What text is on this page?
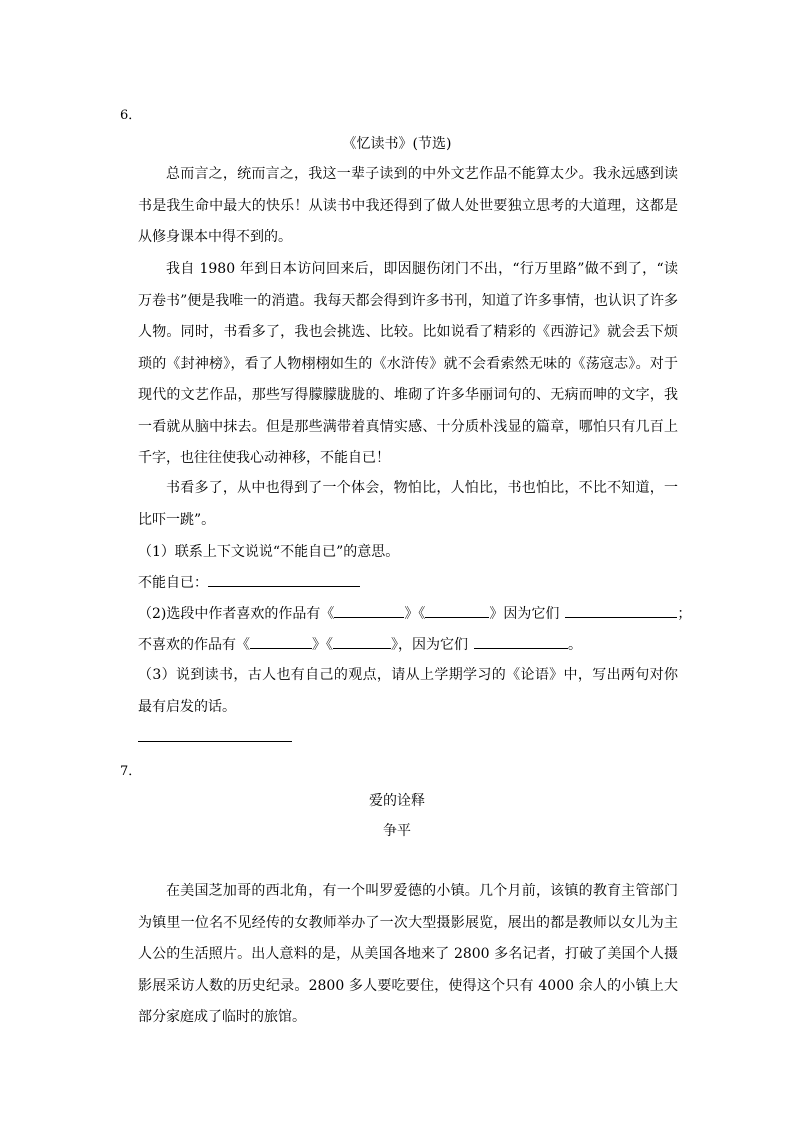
6．
《忆读书》(节选)

总而言之，统而言之，我这一辈子读到的中外文艺作品不能算太少。我永远感到读书是我生命中最大的快乐！从读书中我还得到了做人处世要独立思考的大道理，这都是从修身课本中得不到的。

我自 1980 年到日本访问回来后，即因腿伤闭门不出，“行万里路”做不到了，“读万卷书”便是我唯一的消遣。我每天都会得到许多书刊，知道了许多事情，也认识了许多人物。同时，书看多了，我也会挑选、比较。比如说看了精彩的《西游记》就会丢下烦琐的《封神榜》，看了人物栩栩如生的《水浒传》就不会看索然无味的《荡寇志》。对于现代的文艺作品，那些写得朦朦胧胧的、堆砌了许多华丽词句的、无病而呻的文字，我一看就从脑中抹去。但是那些满带着真情实感、十分质朴浅显的篇章，哪怕只有几百上千字，也往往使我心动神移，不能自已！

书看多了，从中也得到了一个体会，物怕比，人怕比，书也怕比，不比不知道，一比吓一跳”。

（1）联系上下文说说“不能自已”的意思。
不能自已：
（2)选段中作者喜欢的作品有《	》《	》因为它们	；
不喜欢的作品有《	》《	》，因为它们	。

（3）说到读书，古人也有自己的观点，请从上学期学习的《论语》中，写出两句对你最有启发的话。

7．
爱的诠释
争平

在美国芝加哥的西北角，有一个叫罗爱德的小镇。几个月前，该镇的教育主管部门为镇里一位名不见经传的女教师举办了一次大型摄影展览，展出的都是教师以女儿为主人公的生活照片。出人意料的是，从美国各地来了 2800 多名记者，打破了美国个人摄影展采访人数的历史纪录。2800 多人要吃要住，使得这个只有 4000 余人的小镇上大部分家庭成了临时的旅馆。
